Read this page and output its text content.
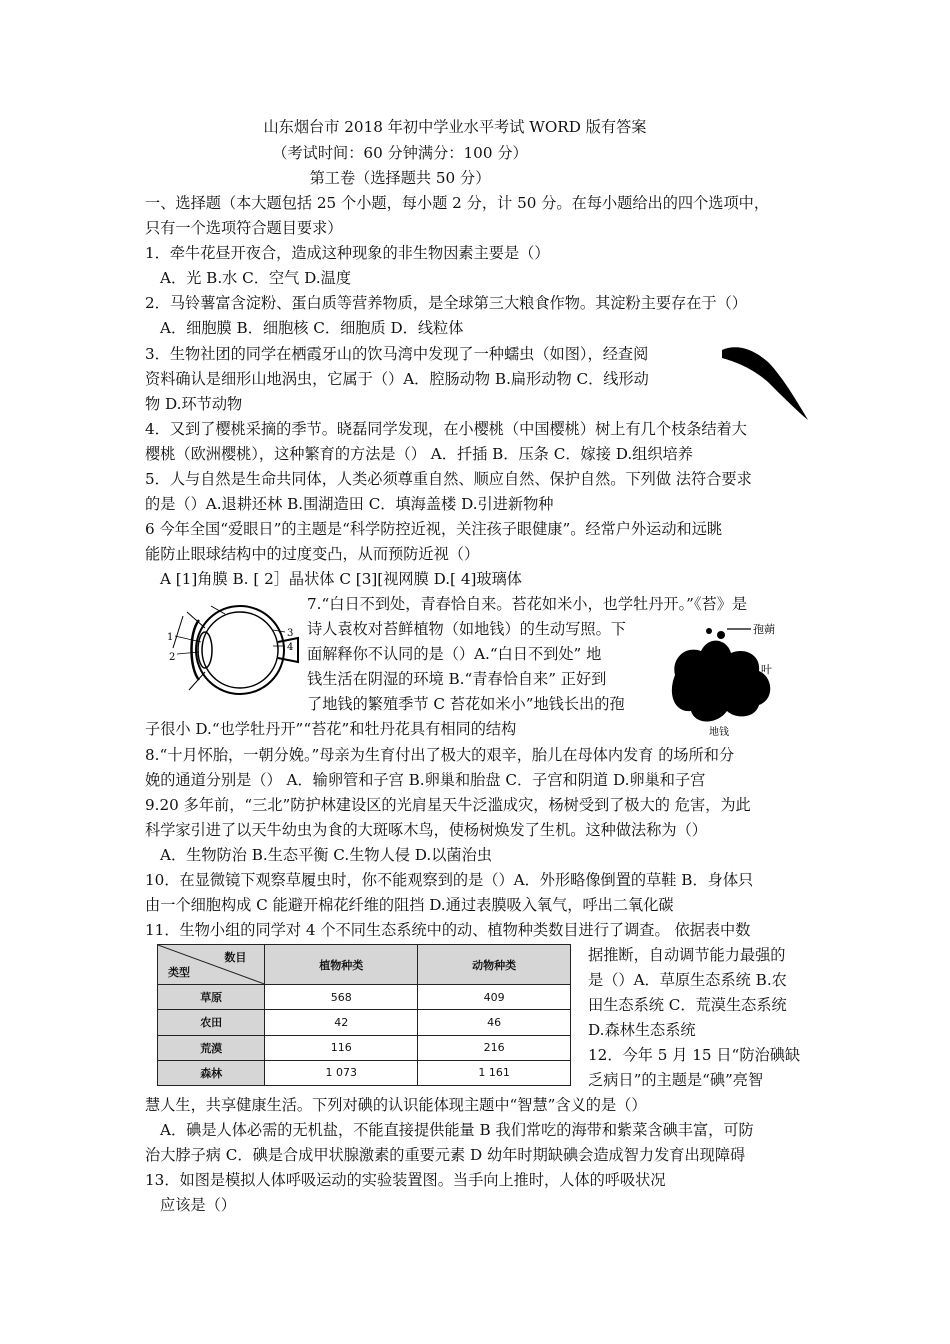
山东烟台市 2018 年初中学业水平考试 WORD 版有答案
（考试时间：60 分钟满分：100 分）
第工卷（选择题共 50 分）
一、选择题（本大题包括 25 个小题，每小题 2 分，计 50 分。在每小题给出的四个选项中，
只有一个选项符合题目要求）
1．牵牛花昼开夜合，造成这种现象的非生物因素主要是（）
A．光 B.水 C．空气 D.温度
2．马铃薯富含淀粉、蛋白质等营养物质，是全球第三大粮食作物。其淀粉主要存在于（）
A．细胞膜 B．细胞核 C．细胞质 D．线粒体
3．生物社团的同学在栖霞牙山的饮马湾中发现了一种蠕虫（如图），经查阅
资料确认是细形山地涡虫，它属于（）A．腔肠动物 B.扁形动物 C．线形动
物 D.环节动物
4．又到了樱桃采摘的季节。晓磊同学发现，在小樱桃（中国樱桃）树上有几个枝条结着大
樱桃（欧洲樱桃），这种繁育的方法是（） A．扦插 B．压条 C．嫁接 D.组织培养
5．人与自然是生命共同体，人类必须尊重自然、顺应自然、保护自然。下列做 法符合要求
的是（）A.退耕还林 B.围湖造田 C．填海盖楼 D.引进新物种
6 今年全国“爱眼日”的主题是“科学防控近视，关注孩子眼健康”。经常户外运动和远眺
能防止眼球结构中的过度变凸，从而预防近视（）
A [1]角膜 B. [ 2］晶状体 C [3][视网膜 D.[ 4]玻璃体
7.“白日不到处，青春恰自来。苔花如米小，也学牡丹开。”《苔》是
诗人袁枚对苔鲜植物（如地钱）的生动写照。下
面解释你不认同的是（）A.“白日不到处” 地
钱生活在阴湿的环境 B.“青春恰自来” 正好到
了地钱的繁殖季节 C 苔花如米小”地钱长出的孢
子很小 D.“也学牡丹开”“苔花”和牡丹花具有相同的结构
8.“十月怀胎，一朝分娩。”母亲为生育付出了极大的艰辛，胎儿在母体内发育 的场所和分
娩的通道分别是（） A．输卵管和子宫 B.卵巢和胎盘 C．子宫和阴道 D.卵巢和子宫
9.20 多年前，“三北”防护林建设区的光肩星天牛泛滥成灾，杨树受到了极大的 危害，为此
科学家引进了以天牛幼虫为食的大斑啄木鸟，使杨树焕发了生机。这种做法称为（）
A．生物防治 B.生态平衡 C.生物人侵 D.以菌治虫
10．在显微镜下观察草履虫时，你不能观察到的是（）A．外形略像倒置的草鞋 B．身体只
由一个细胞构成 C 能避开棉花纤维的阻挡 D.通过表膜吸入氧气，呼出二氧化碳
11．生物小组的同学对 4 个不同生态系统中的动、植物种类数目进行了调查。 依据表中数
据推断，自动调节能力最强的
是（）A．草原生态系统 B.农
田生态系统 C．荒漠生态系统
D.森林生态系统
12．今年 5 月 15 日“防治碘缺
乏病日”的主题是“碘”亮智
慧人生，共享健康生活。下列对碘的认识能体现主题中“智慧”含义的是（）
A．碘是人体必需的无机盐，不能直接提供能量 B 我们常吃的海带和紫菜含碘丰富，可防
治大脖子病 C．碘是合成甲状腺激素的重要元素 D 幼年时期缺碘会造成智力发育出现障碍
13．如图是模拟人体呼吸运动的实验装置图。当手向上推时，人体的呼吸状况
应该是（）
1
2
3
4
孢蒴
叶
地钱
数目
类型	植物种类	动物种类
草原	568	409
农田	42	46
荒漠	116	216
森林	1 073	1 161
